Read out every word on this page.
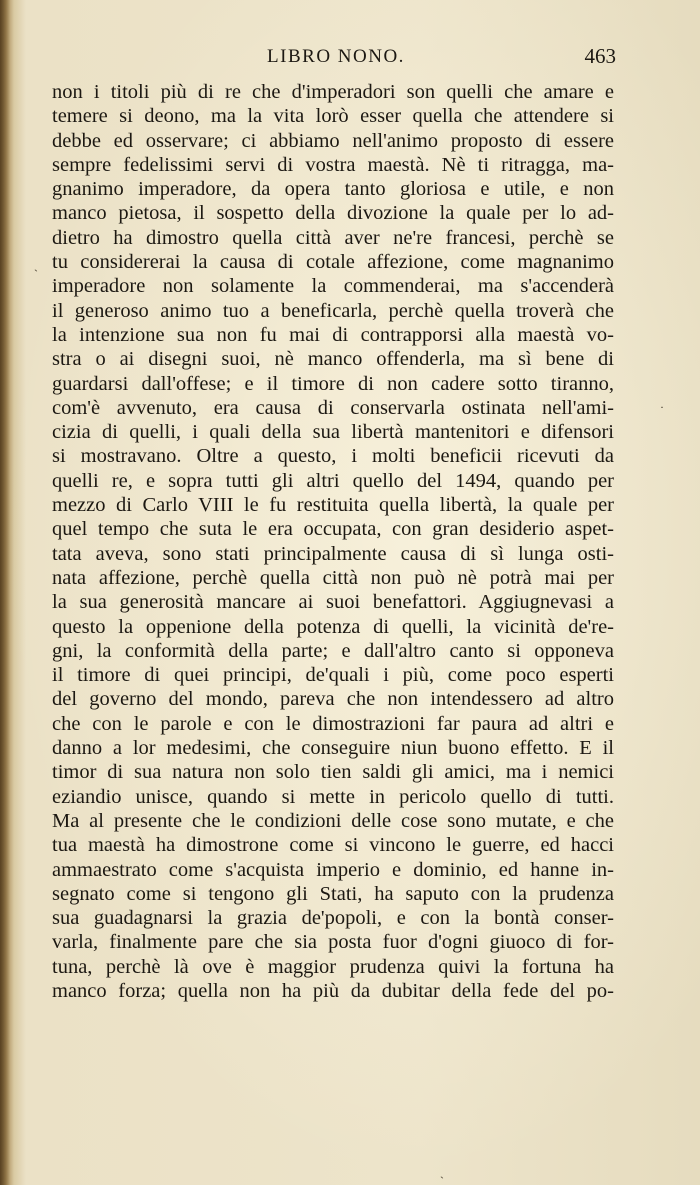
LIBRO NONO.	463
non i titoli più di re che d'imperadori son quelli che amare e
temere si deono, ma la vita lorò esser quella che attendere si
debbe ed osservare; ci abbiamo nell'animo proposto di essere
sempre fedelissimi servi di vostra maestà. Nè ti ritragga, ma-
gnanimo imperadore, da opera tanto gloriosa e utile, e non
manco pietosa, il sospetto della divozione la quale per lo ad-
dietro ha dimostro quella città aver ne're francesi, perchè se
tu considererai la causa di cotale affezione, come magnanimo
imperadore non solamente la commenderai, ma s'accenderà
il generoso animo tuo a beneficarla, perchè quella troverà che
la intenzione sua non fu mai di contrapporsi alla maestà vo-
stra o ai disegni suoi, nè manco offenderla, ma sì bene di
guardarsi dall'offese; e il timore di non cadere sotto tiranno,
com'è avvenuto, era causa di conservarla ostinata nell'ami-
cizia di quelli, i quali della sua libertà mantenitori e difensori
si mostravano. Oltre a questo, i molti beneficii ricevuti da
quelli re, e sopra tutti gli altri quello del 1494, quando per
mezzo di Carlo VIII le fu restituita quella libertà, la quale per
quel tempo che suta le era occupata, con gran desiderio aspet-
tata aveva, sono stati principalmente causa di sì lunga osti-
nata affezione, perchè quella città non può nè potrà mai per
la sua generosità mancare ai suoi benefattori. Aggiugnevasi a
questo la oppenione della potenza di quelli, la vicinità de're-
gni, la conformità della parte; e dall'altro canto si opponeva
il timore di quei principi, de'quali i più, come poco esperti
del governo del mondo, pareva che non intendessero ad altro
che con le parole e con le dimostrazioni far paura ad altri e
danno a lor medesimi, che conseguire niun buono effetto. E il
timor di sua natura non solo tien saldi gli amici, ma i nemici
eziandio unisce, quando si mette in pericolo quello di tutti.
Ma al presente che le condizioni delle cose sono mutate, e che
tua maestà ha dimostrone come si vincono le guerre, ed hacci
ammaestrato come s'acquista imperio e dominio, ed hanne in-
segnato come si tengono gli Stati, ha saputo con la prudenza
sua guadagnarsi la grazia de'popoli, e con la bontà conser-
varla, finalmente pare che sia posta fuor d'ogni giuoco di for-
tuna, perchè là ove è maggior prudenza quivi la fortuna ha
manco forza; quella non ha più da dubitar della fede del po-
ˏ
·
ˎ
